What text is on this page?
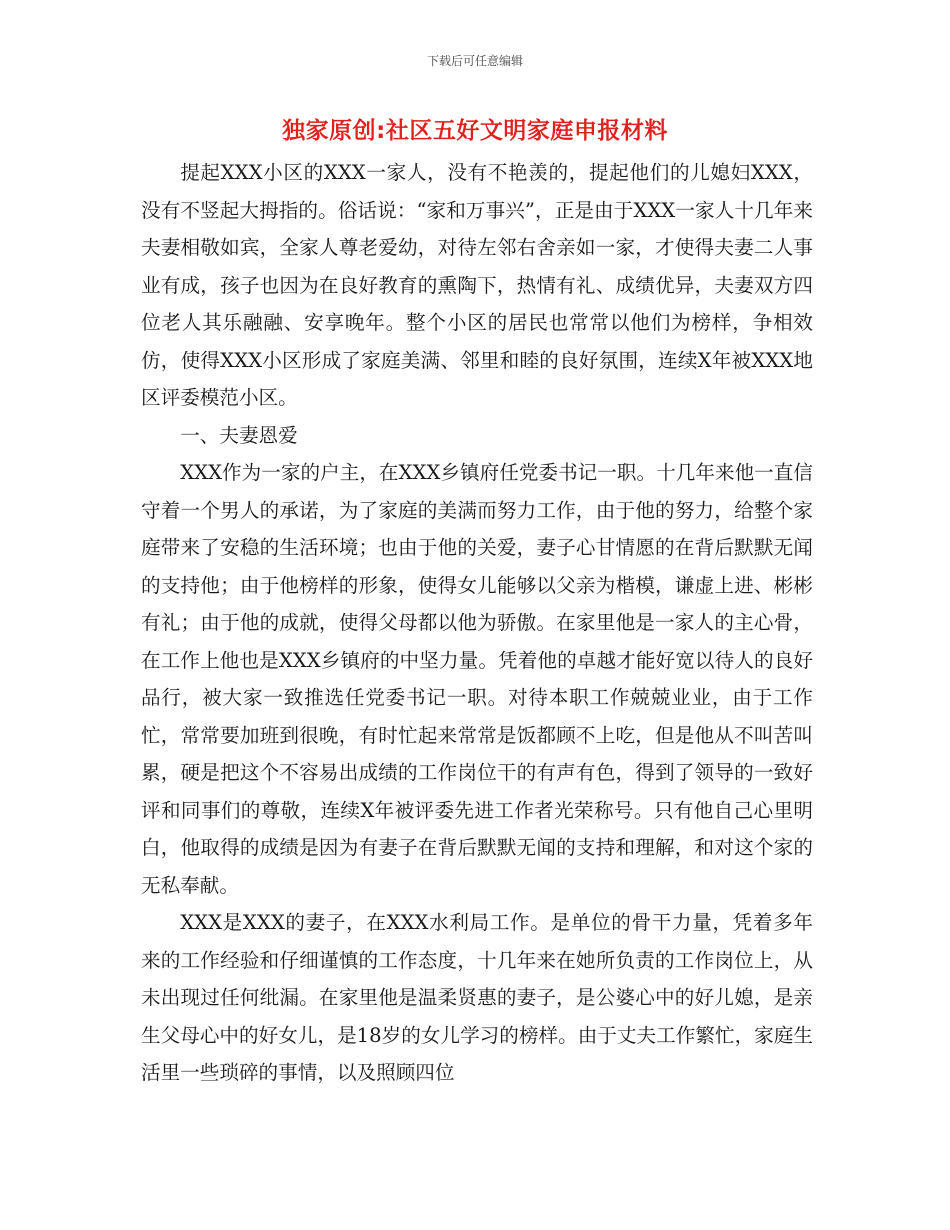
下载后可任意编辑
独家原创:社区五好文明家庭申报材料

提起XXX小区的XXX一家人，没有不艳羡的，提起他们的儿媳妇XXX，没有不竖起大拇指的。俗话说：“家和万事兴”，正是由于XXX一家人十几年来夫妻相敬如宾，全家人尊老爱幼，对待左邻右舍亲如一家，才使得夫妻二人事业有成，孩子也因为在良好教育的熏陶下，热情有礼、成绩优异，夫妻双方四位老人其乐融融、安享晚年。整个小区的居民也常常以他们为榜样，争相效仿，使得XXX小区形成了家庭美满、邻里和睦的良好氛围，连续X年被XXX地区评委模范小区。

一、夫妻恩爱

XXX作为一家的户主，在XXX乡镇府任党委书记一职。十几年来他一直信守着一个男人的承诺，为了家庭的美满而努力工作，由于他的努力，给整个家庭带来了安稳的生活环境；也由于他的关爱，妻子心甘情愿的在背后默默无闻的支持他；由于他榜样的形象，使得女儿能够以父亲为楷模，谦虚上进、彬彬有礼；由于他的成就，使得父母都以他为骄傲。在家里他是一家人的主心骨，在工作上他也是XXX乡镇府的中坚力量。凭着他的卓越才能好宽以待人的良好品行，被大家一致推选任党委书记一职。对待本职工作兢兢业业，由于工作忙，常常要加班到很晚，有时忙起来常常是饭都顾不上吃，但是他从不叫苦叫累，硬是把这个不容易出成绩的工作岗位干的有声有色，得到了领导的一致好评和同事们的尊敬，连续X年被评委先进工作者光荣称号。只有他自己心里明白，他取得的成绩是因为有妻子在背后默默无闻的支持和理解，和对这个家的无私奉献。

XXX是XXX的妻子，在XXX水利局工作。是单位的骨干力量，凭着多年来的工作经验和仔细谨慎的工作态度，十几年来在她所负责的工作岗位上，从未出现过任何纰漏。在家里他是温柔贤惠的妻子，是公婆心中的好儿媳，是亲生父母心中的好女儿，是18岁的女儿学习的榜样。由于丈夫工作繁忙，家庭生活里一些琐碎的事情，以及照顾四位
